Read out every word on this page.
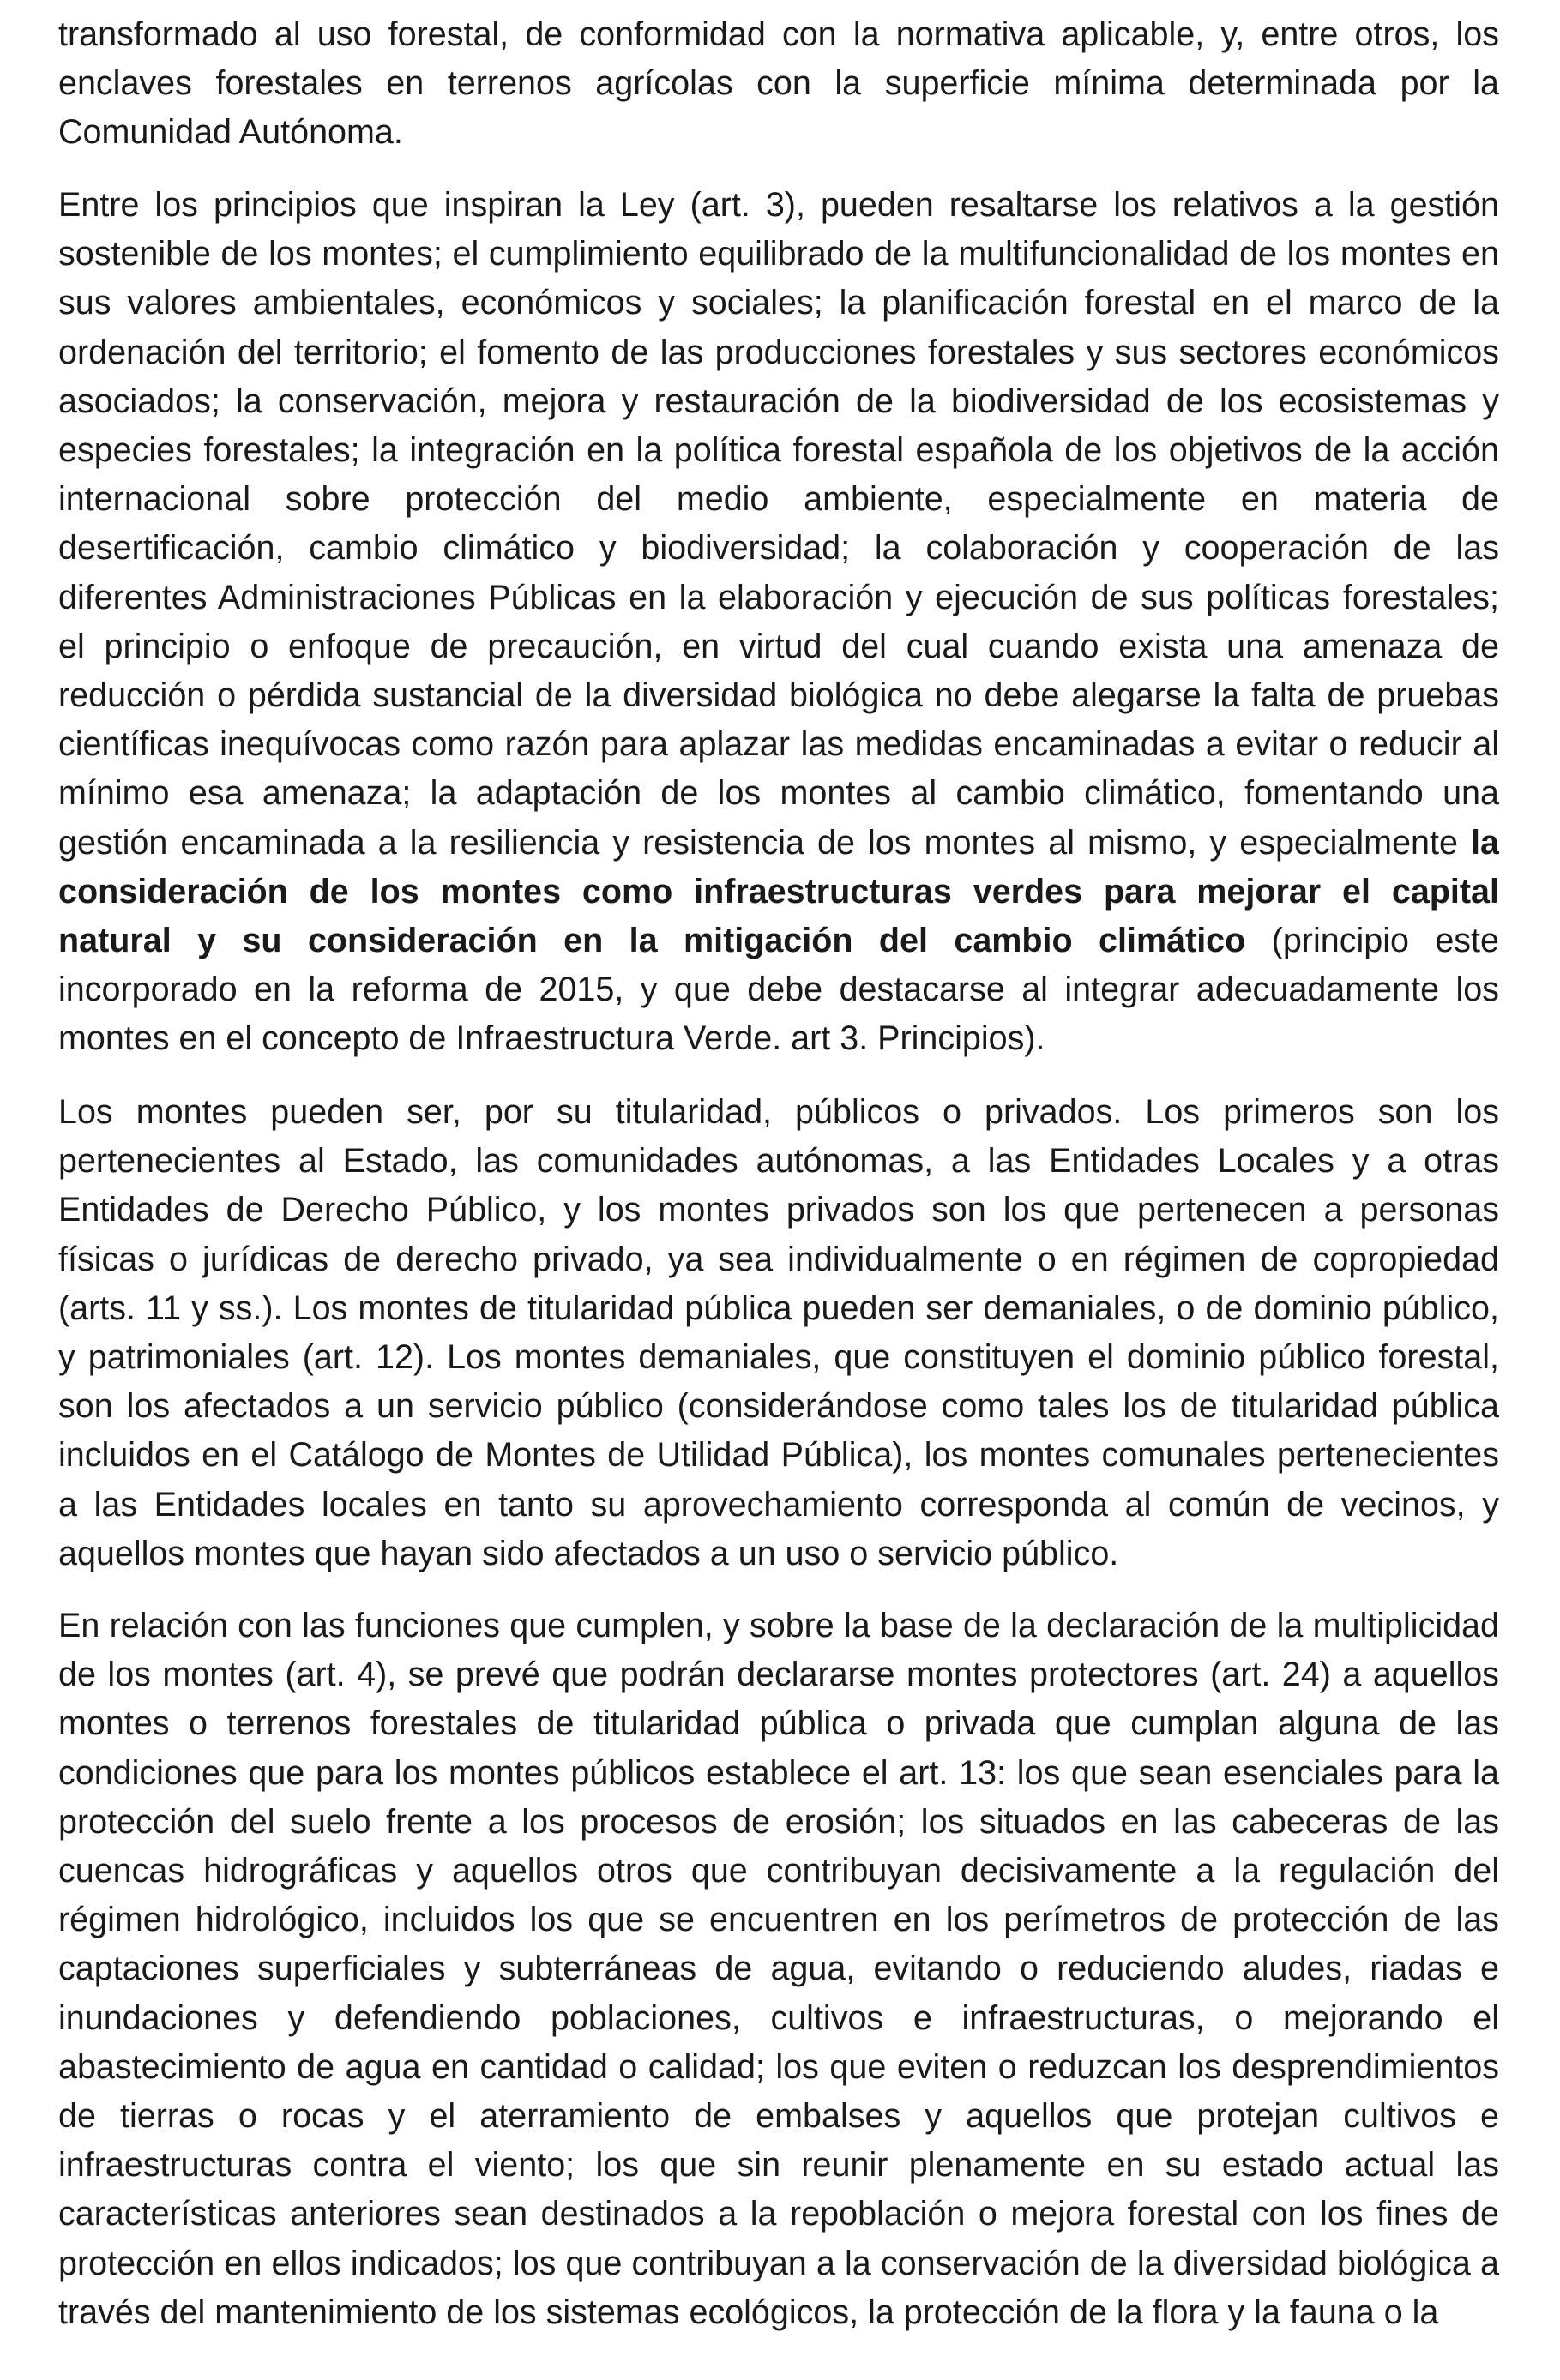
transformado al uso forestal, de conformidad con la normativa aplicable, y, entre otros, los enclaves forestales en terrenos agrícolas con la superficie mínima determinada por la Comunidad Autónoma.

Entre los principios que inspiran la Ley (art. 3), pueden resaltarse los relativos a la gestión sostenible de los montes; el cumplimiento equilibrado de la multifuncionalidad de los montes en sus valores ambientales, económicos y sociales; la planificación forestal en el marco de la ordenación del territorio; el fomento de las producciones forestales y sus sectores económicos asociados; la conservación, mejora y restauración de la biodiversidad de los ecosistemas y especies forestales; la integración en la política forestal española de los objetivos de la acción internacional sobre protección del medio ambiente, especialmente en materia de desertificación, cambio climático y biodiversidad; la colaboración y cooperación de las diferentes Administraciones Públicas en la elaboración y ejecución de sus políticas forestales; el principio o enfoque de precaución, en virtud del cual cuando exista una amenaza de reducción o pérdida sustancial de la diversidad biológica no debe alegarse la falta de pruebas científicas inequívocas como razón para aplazar las medidas encaminadas a evitar o reducir al mínimo esa amenaza; la adaptación de los montes al cambio climático, fomentando una gestión encaminada a la resiliencia y resistencia de los montes al mismo, y especialmente la consideración de los montes como infraestructuras verdes para mejorar el capital natural y su consideración en la mitigación del cambio climático (principio este incorporado en la reforma de 2015, y que debe destacarse al integrar adecuadamente los montes en el concepto de Infraestructura Verde. art 3. Principios).

Los montes pueden ser, por su titularidad, públicos o privados. Los primeros son los pertenecientes al Estado, las comunidades autónomas, a las Entidades Locales y a otras Entidades de Derecho Público, y los montes privados son los que pertenecen a personas físicas o jurídicas de derecho privado, ya sea individualmente o en régimen de copropiedad (arts. 11 y ss.). Los montes de titularidad pública pueden ser demaniales, o de dominio público, y patrimoniales (art. 12). Los montes demaniales, que constituyen el dominio público forestal, son los afectados a un servicio público (considerándose como tales los de titularidad pública incluidos en el Catálogo de Montes de Utilidad Pública), los montes comunales pertenecientes a las Entidades locales en tanto su aprovechamiento corresponda al común de vecinos, y aquellos montes que hayan sido afectados a un uso o servicio público.

En relación con las funciones que cumplen, y sobre la base de la declaración de la multiplicidad de los montes (art. 4), se prevé que podrán declararse montes protectores (art. 24) a aquellos montes o terrenos forestales de titularidad pública o privada que cumplan alguna de las condiciones que para los montes públicos establece el art. 13: los que sean esenciales para la protección del suelo frente a los procesos de erosión; los situados en las cabeceras de las cuencas hidrográficas y aquellos otros que contribuyan decisivamente a la regulación del régimen hidrológico, incluidos los que se encuentren en los perímetros de protección de las captaciones superficiales y subterráneas de agua, evitando o reduciendo aludes, riadas e inundaciones y defendiendo poblaciones, cultivos e infraestructuras, o mejorando el abastecimiento de agua en cantidad o calidad; los que eviten o reduzcan los desprendimientos de tierras o rocas y el aterramiento de embalses y aquellos que protejan cultivos e infraestructuras contra el viento; los que sin reunir plenamente en su estado actual las características anteriores sean destinados a la repoblación o mejora forestal con los fines de protección en ellos indicados; los que contribuyan a la conservación de la diversidad biológica a través del mantenimiento de los sistemas ecológicos, la protección de la flora y la fauna o la
